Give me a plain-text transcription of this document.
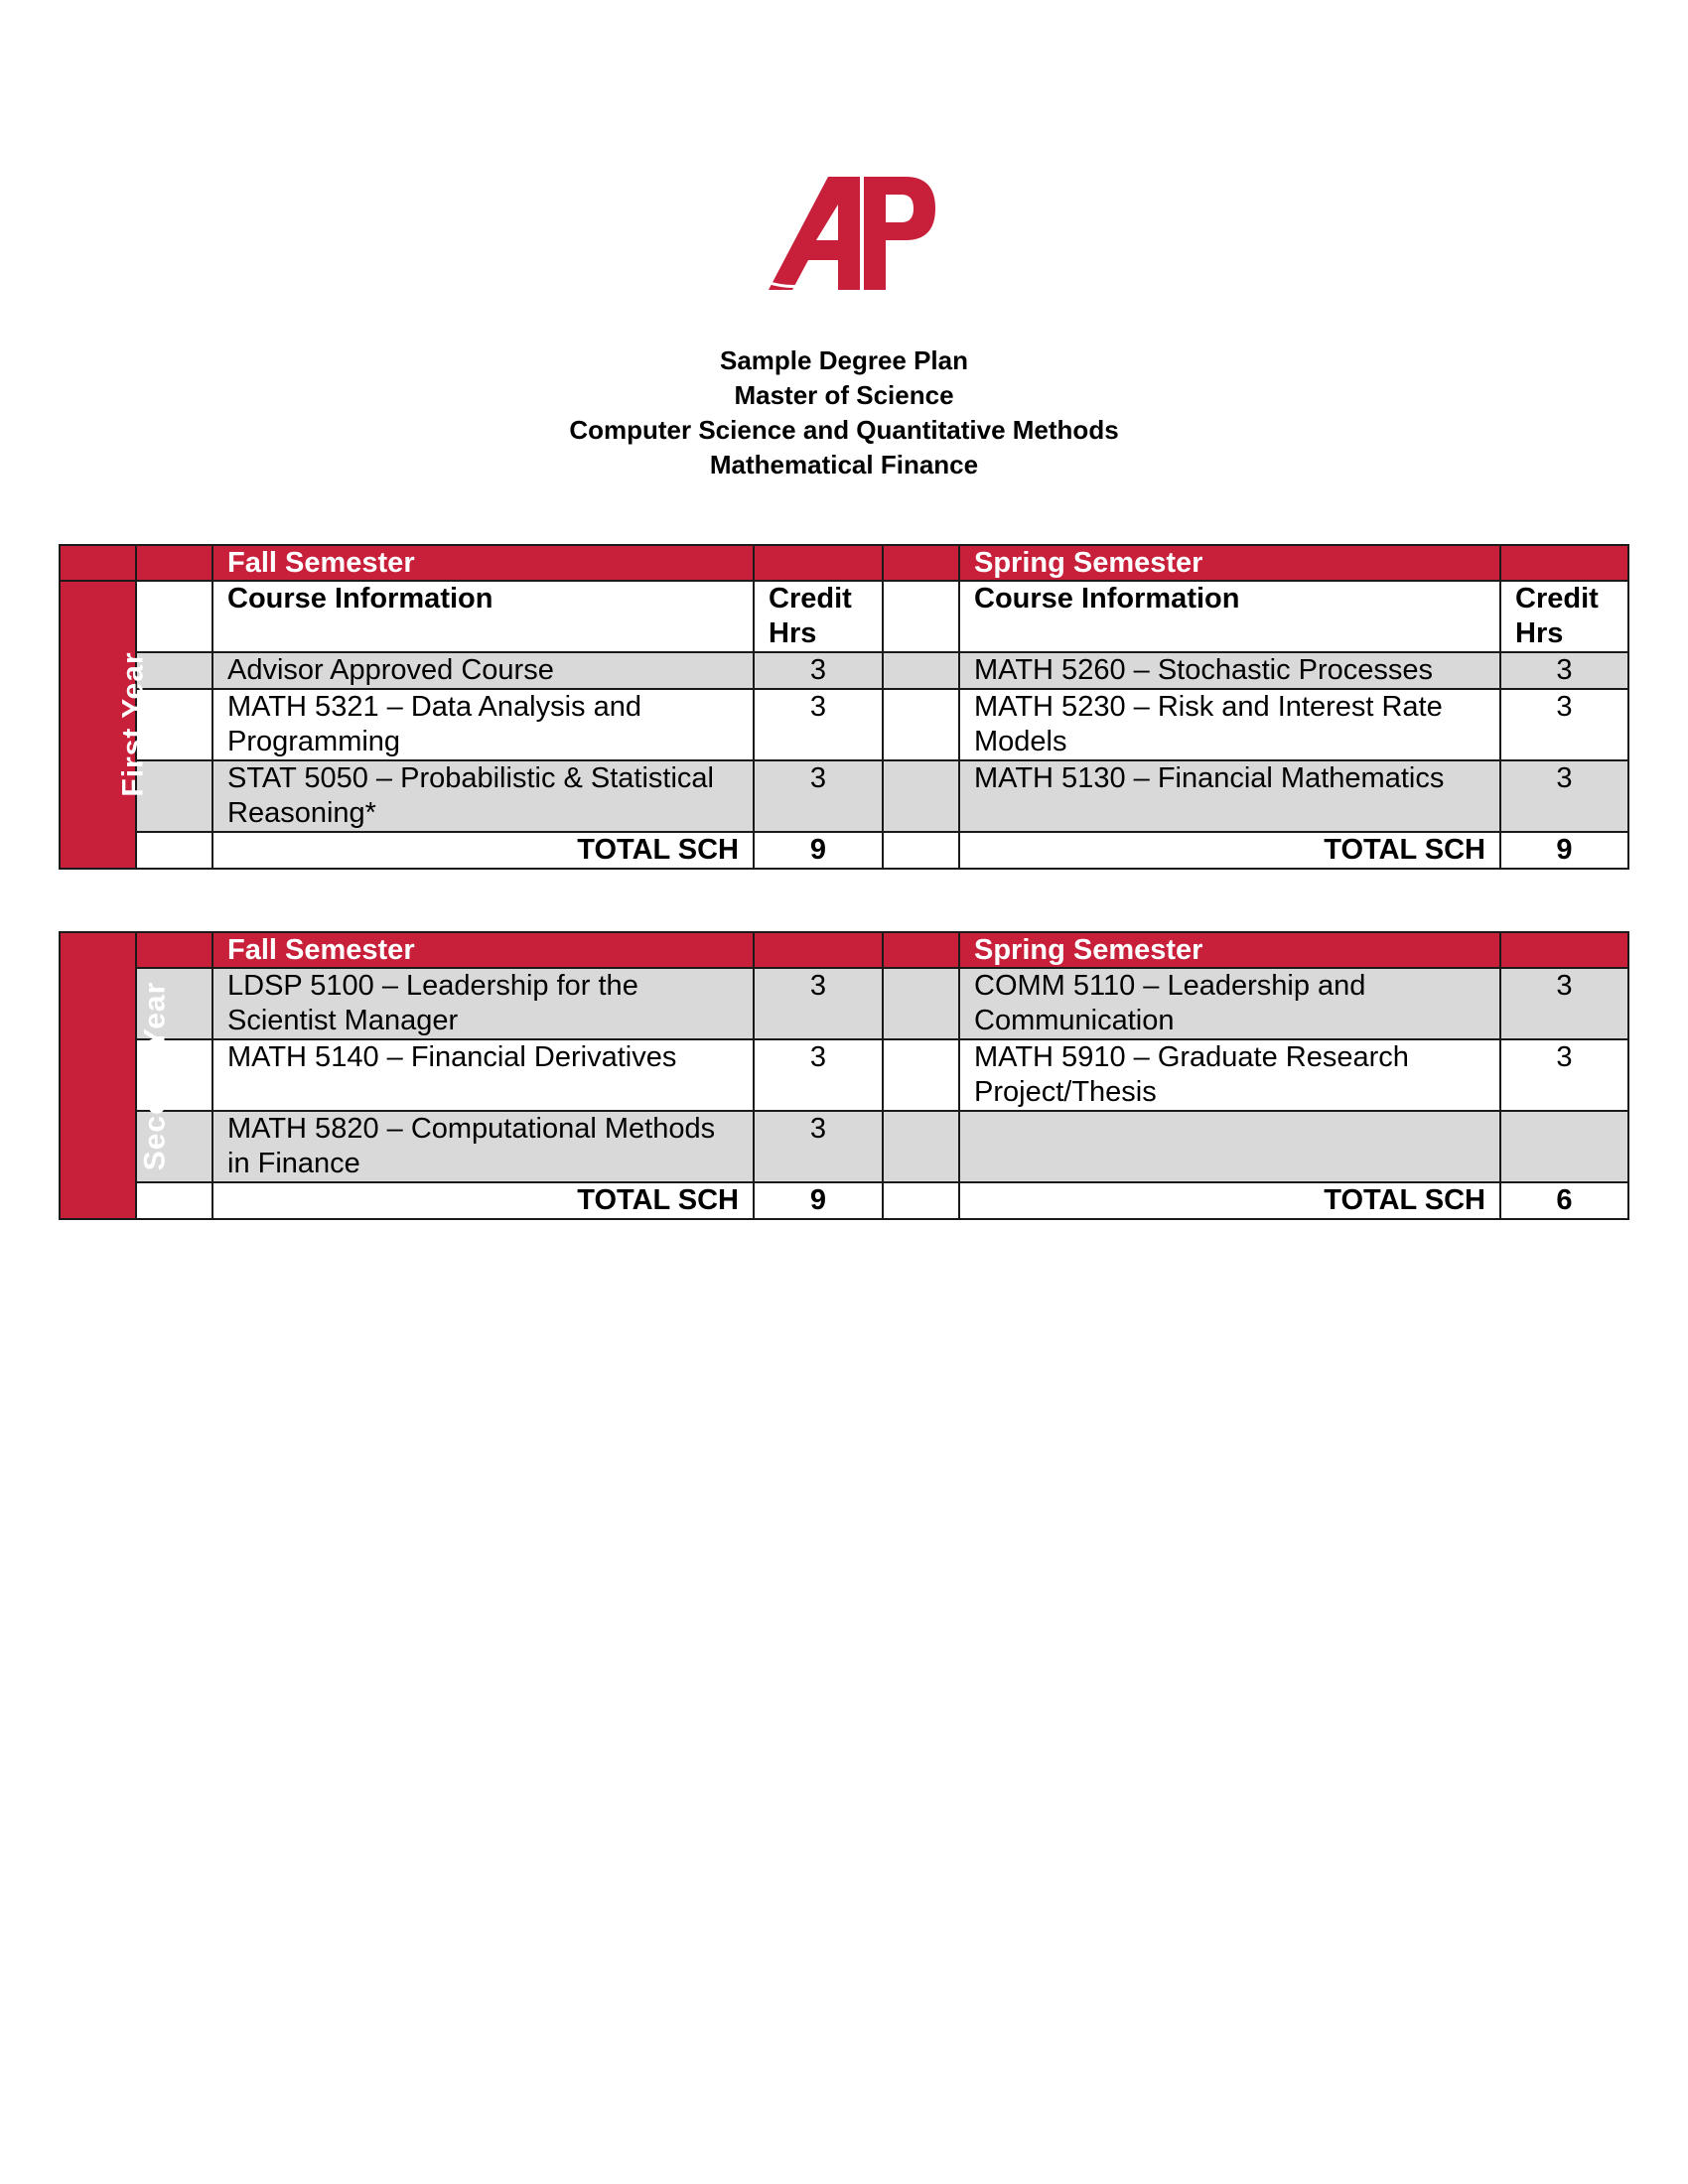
Sample Degree Plan
Master of Science
Computer Science and Quantitative Methods
Mathematical Finance
		Fall Semester			Spring Semester	
First Year		Course Information	Credit Hrs		Course Information	Credit Hrs
		Advisor Approved Course	3		MATH 5260 – Stochastic Processes	3
		MATH 5321 – Data Analysis and Programming	3		MATH 5230 – Risk and Interest Rate Models	3
		STAT 5050 – Probabilistic & Statistical Reasoning*	3		MATH 5130 – Financial Mathematics	3
		TOTAL SCH	9		TOTAL SCH	9
Second Year		Fall Semester			Spring Semester	
		LDSP 5100 – Leadership for the Scientist Manager	3		COMM 5110 – Leadership and Communication	3
		MATH 5140 – Financial Derivatives	3		MATH 5910 – Graduate Research Project/Thesis	3
		MATH 5820 – Computational Methods in Finance	3			
		TOTAL SCH	9		TOTAL SCH	6
